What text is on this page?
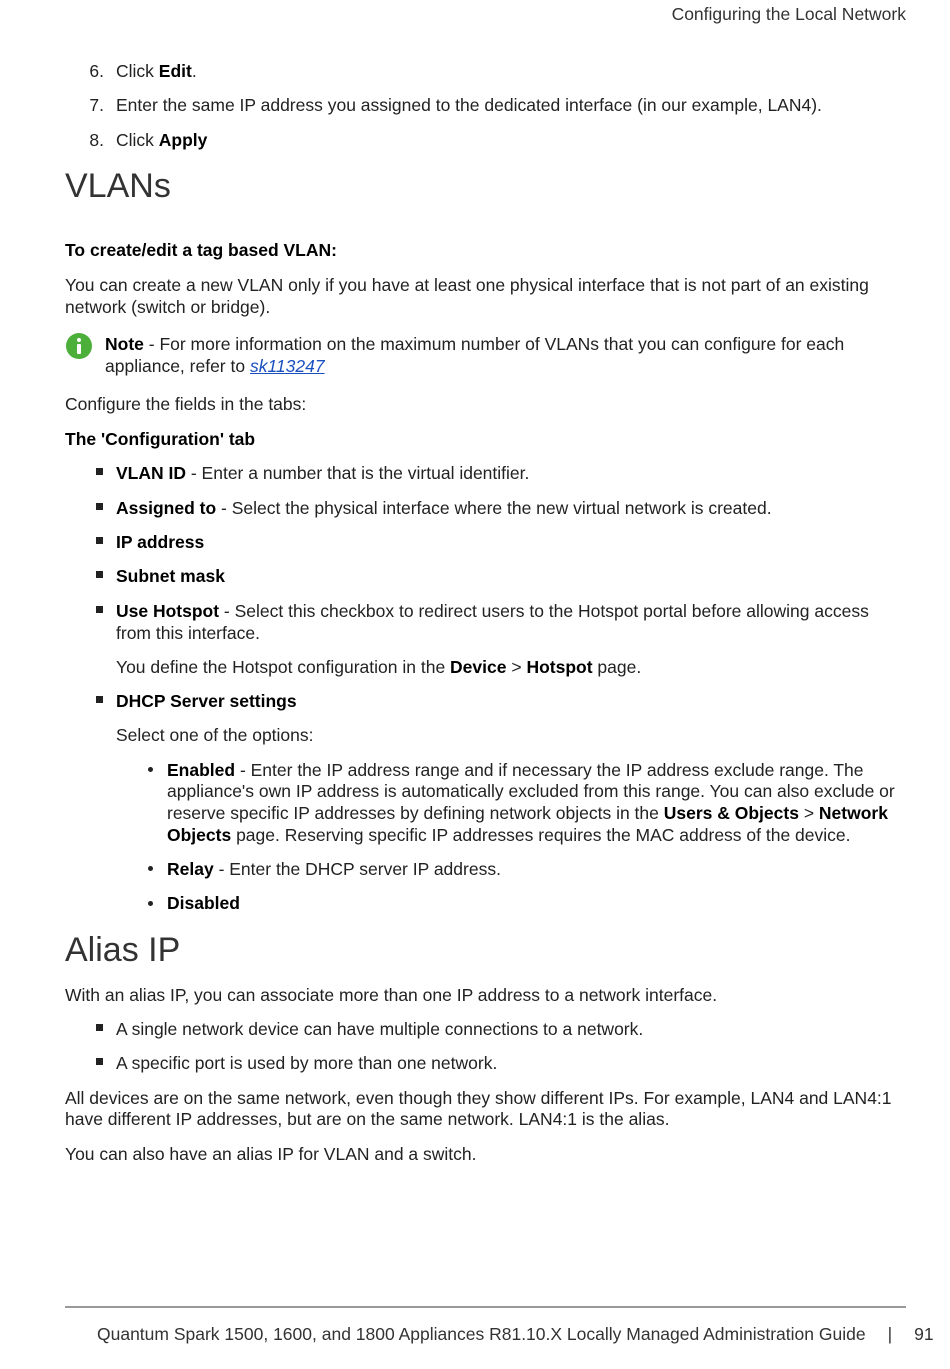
Configuring the Local Network
6. Click Edit.
7. Enter the same IP address you assigned to the dedicated interface (in our example, LAN4).
8. Click Apply
VLANs
To create/edit a tag based VLAN:
You can create a new VLAN only if you have at least one physical interface that is not part of an existing
network (switch or bridge).
Note - For more information on the maximum number of VLANs that you can configure for each
appliance, refer to sk113247
Configure the fields in the tabs:
The 'Configuration' tab
VLAN ID - Enter a number that is the virtual identifier.
Assigned to - Select the physical interface where the new virtual network is created.
IP address
Subnet mask
Use Hotspot - Select this checkbox to redirect users to the Hotspot portal before allowing access
from this interface.
You define the Hotspot configuration in the Device > Hotspot page.
DHCP Server settings
Select one of the options:
Enabled - Enter the IP address range and if necessary the IP address exclude range. The
appliance's own IP address is automatically excluded from this range. You can also exclude or
reserve specific IP addresses by defining network objects in the Users & Objects > Network
Objects page. Reserving specific IP addresses requires the MAC address of the device.
Relay - Enter the DHCP server IP address.
Disabled
Alias IP
With an alias IP, you can associate more than one IP address to a network interface.
A single network device can have multiple connections to a network.
A specific port is used by more than one network.
All devices are on the same network, even though they show different IPs. For example, LAN4 and LAN4:1
have different IP addresses, but are on the same network. LAN4:1 is the alias.
You can also have an alias IP for VLAN and a switch.
Quantum Spark 1500, 1600, and 1800 Appliances R81.10.X Locally Managed Administration Guide | 91
